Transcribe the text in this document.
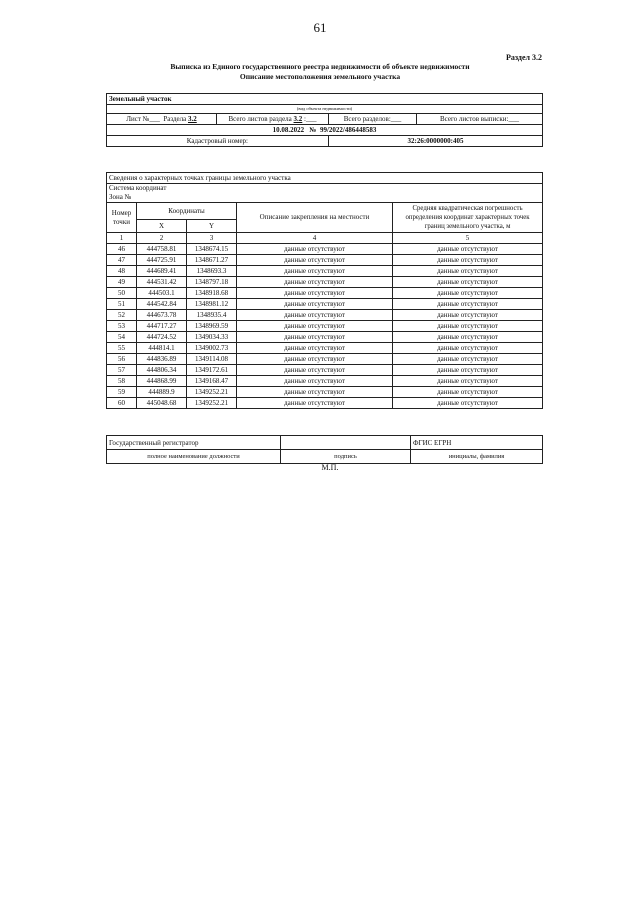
61
Раздел 3.2
Выписка из Единого государственного реестра недвижимости об объекте недвижимости
Описание местоположения земельного участка
Земельный участок			
(вид объекта недвижимости)			
Лист №___  Раздела 3.2	Всего листов раздела 3.2 :___	Всего разделов:___	Всего листов выписки:___
10.08.2022 № 99/2022/486448583			
Кадастровый номер:		32:26:0000000:405	
Сведения о характерных точках границы земельного участка				

Система координат
Зона №				

Номер точки	Координаты		Описание закрепления на местности	Средняя квадратическая погрешность определения координат характерных точек границ земельного участка, м
	X	Y		
1	2	3	4	5
46	444758.81	1348674.15	данные отсутствуют	данные отсутствуют
47	444725.91	1348671.27	данные отсутствуют	данные отсутствуют
48	444689.41	1348693.3	данные отсутствуют	данные отсутствуют
49	444531.42	1348797.18	данные отсутствуют	данные отсутствуют
50	444503.1	1348918.68	данные отсутствуют	данные отсутствуют
51	444542.84	1348981.12	данные отсутствуют	данные отсутствуют
52	444673.78	1348935.4	данные отсутствуют	данные отсутствуют
53	444717.27	1348969.59	данные отсутствуют	данные отсутствуют
54	444724.52	1349034.33	данные отсутствуют	данные отсутствуют
55	444814.1	1349002.73	данные отсутствуют	данные отсутствуют
56	444836.89	1349114.08	данные отсутствуют	данные отсутствуют
57	444806.34	1349172.61	данные отсутствуют	данные отсутствуют
58	444868.99	1349168.47	данные отсутствуют	данные отсутствуют
59	444889.9	1349252.21	данные отсутствуют	данные отсутствуют
60	445048.68	1349252.21	данные отсутствуют	данные отсутствуют
Государственный регистратор		ФГИС ЕГРН
полное наименование должности	подпись	инициалы, фамилия
М.П.
